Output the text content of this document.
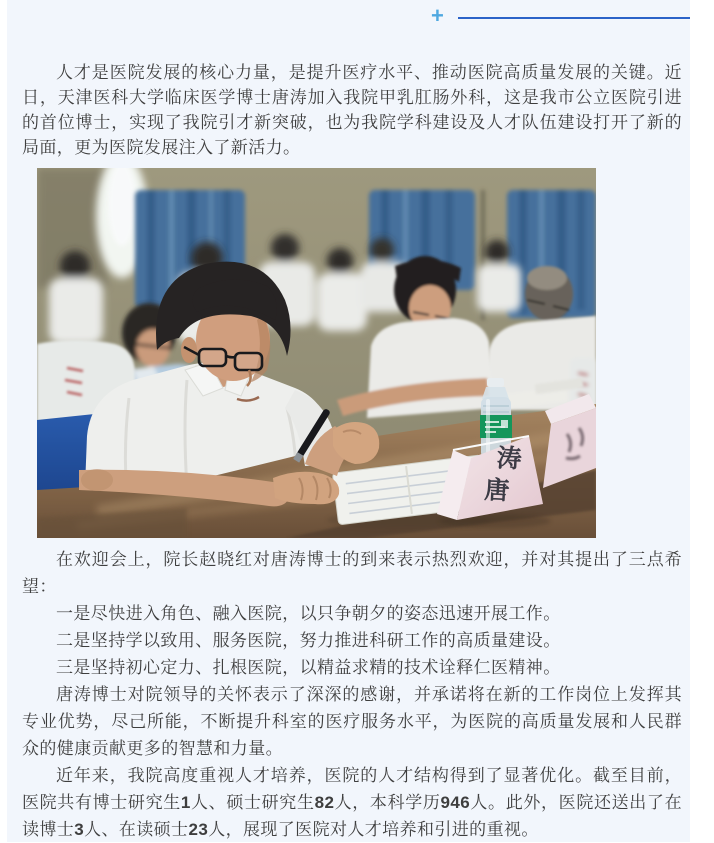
+

人才是医院发展的核心力量，是提升医疗水平、推动医院高质量发展的关键。近日，天津医科大学临床医学博士唐涛加入我院甲乳肛肠外科，这是我市公立医院引进的首位博士，实现了我院引才新突破，也为我院学科建设及人才队伍建设打开了新的局面，更为医院发展注入了新活力。

唐涛

在欢迎会上，院长赵晓红对唐涛博士的到来表示热烈欢迎，并对其提出了三点希望：

一是尽快进入角色、融入医院，以只争朝夕的姿态迅速开展工作。

二是坚持学以致用、服务医院，努力推进科研工作的高质量建设。

三是坚持初心定力、扎根医院，以精益求精的技术诠释仁医精神。

唐涛博士对院领导的关怀表示了深深的感谢，并承诺将在新的工作岗位上发挥其专业优势，尽己所能，不断提升科室的医疗服务水平，为医院的高质量发展和人民群众的健康贡献更多的智慧和力量。

近年来，我院高度重视人才培养，医院的人才结构得到了显著优化。截至目前，医院共有博士研究生1人、硕士研究生82人，本科学历946人。此外，医院还送出了在读博士3人、在读硕士23人，展现了医院对人才培养和引进的重视。
